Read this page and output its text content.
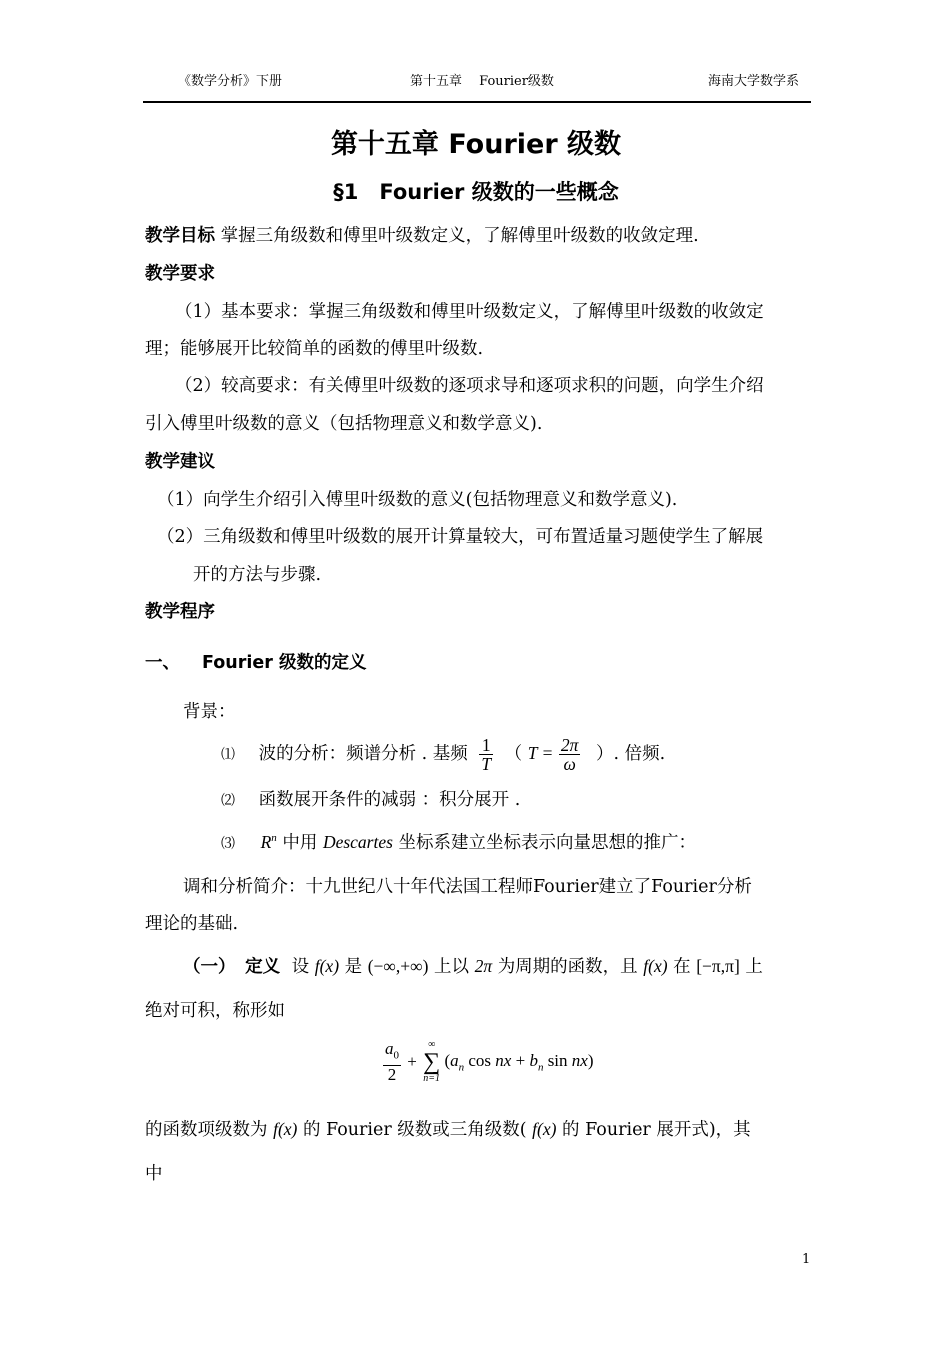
《数学分析》下册	第十五章　 Fourier级数	海南大学数学系
第十五章 Fourier 级数
§1　Fourier 级数的一些概念
教学目标 掌握三角级数和傅里叶级数定义，了解傅里叶级数的收敛定理.
教学要求
（1）基本要求：掌握三角级数和傅里叶级数定义，了解傅里叶级数的收敛定
理；能够展开比较简单的函数的傅里叶级数.
（2）较高要求：有关傅里叶级数的逐项求导和逐项求积的问题，向学生介绍
引入傅里叶级数的意义（包括物理意义和数学意义).
教学建议
（1）向学生介绍引入傅里叶级数的意义(包括物理意义和数学意义).
（2）三角级数和傅里叶级数的展开计算量较大，可布置适量习题使学生了解展
开的方法与步骤.
教学程序
一、 Fourier 级数的定义
背景：
⑴ 波的分析：频谱分析 . 基频 $\frac{1}{T}$ （ $T = \frac{2\pi}{\omega}$ ）. 倍频.
⑵ 函数展开条件的减弱 ：积分展开 .
⑶ $R^n$ 中用 Descartes 坐标系建立坐标表示向量思想的推广：
调和分析简介：十九世纪八十年代法国工程师Fourier建立了Fourier分析
理论的基础.
（一） 定义 设 f(x) 是 (−∞,+∞) 上以 2π 为周期的函数，且 f(x) 在 [−π,π] 上
绝对可积，称形如
$\frac{a_0}{2}$ +
∞
∑
n=1
($a_n$ cos nx + $b_n$ sin nx)
的函数项级数为 f(x) 的 Fourier 级数或三角级数( f(x) 的 Fourier 展开式)，其
中
1
